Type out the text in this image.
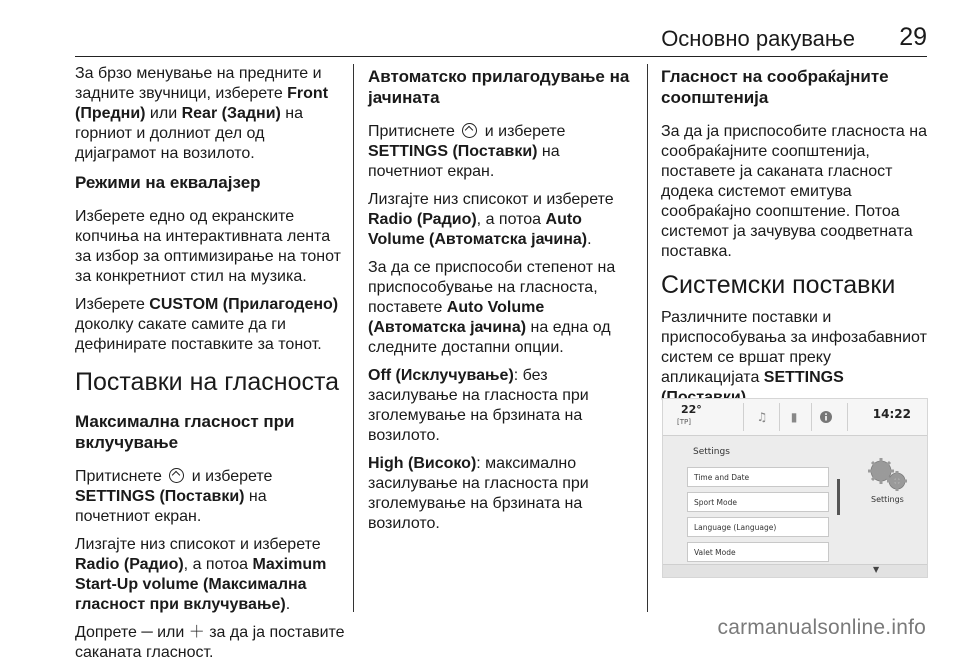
Основно ракување 29

За брзо менување на предните и задните звучници, изберете Front (Предни) или Rear (Задни) на горниот и долниот дел од дијаграмот на возилото.

Режими на еквалајзер

Изберете едно од екранските копчиња на интерактивната лента за избор за оптимизирање на тонот за конкретниот стил на музика.

Изберете CUSTOM (Прилагодено) доколку сакате самите да ги дефинирате поставките за тонот.

Поставки на гласноста
Максимална гласност при вклучување

Притиснете  и изберете SETTINGS (Поставки) на почетниот екран.

Лизгајте низ списокот и изберете Radio (Радио), а потоа Maximum Start-Up volume (Максимална гласност при вклучување).

Допрете ─ или ＋ за да ја поставите саканата гласност.

Автоматско прилагодување на јачината

Притиснете  и изберете SETTINGS (Поставки) на почетниот екран.

Лизгајте низ списокот и изберете Radio (Радио), а потоа Auto Volume (Автоматска јачина).

За да се приспособи степенот на приспособување на гласноста, поставете Auto Volume (Автоматска јачина) на една од следните достапни опции.

Off (Исклучување): без засилување на гласноста при зголемување на брзината на возилото.

High (Високо): максимално засилување на гласноста при зголемување на брзината на возилото.

Гласност на сообраќајните соопштенија

За да ја приспособите гласноста на сообраќајните соопштенија, поставете ја саканата гласност додека системот емитува сообраќајно соопштение. Потоа системот ја зачувува соодветната поставка.

Системски поставки

Различните поставки и приспособувања за инфозабавниот систем се вршат преку апликацијата SETTINGS

22°
[TP]	♫	▮	14:22
Settings
Time and Date
Sport Mode
Language (Language)
Valet Mode
Settings
▼
carmanualsonline.info
